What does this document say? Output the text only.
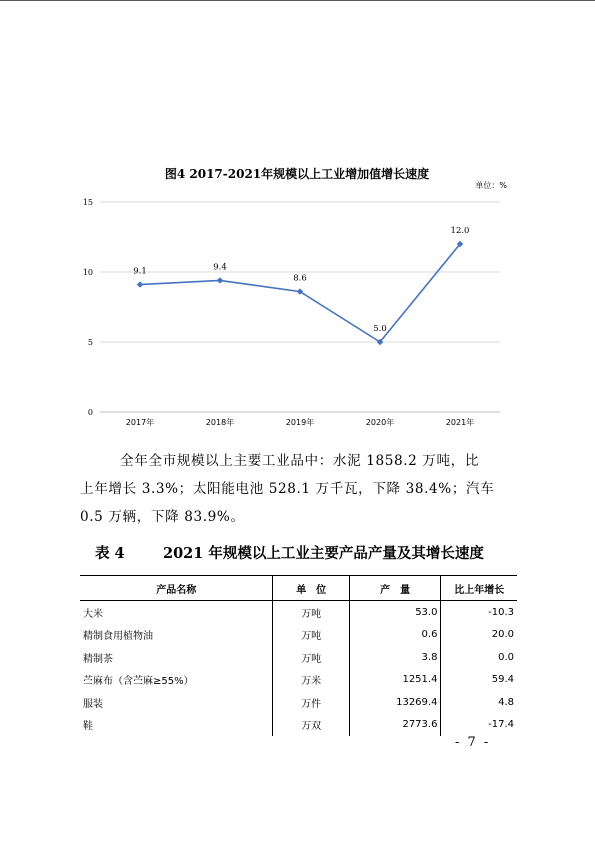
图4 2017-2021年规模以上工业增加值增长速度
单位：%
0
5
10
15
2017年	2018年	2019年	2020年	2021年
9.1	9.4
8.6
5.0
12.0
全年全市规模以上主要工业品中：水泥 1858.2 万吨，比
上年增长 3.3%；太阳能电池 528.1 万千瓦，下降 38.4%；汽车
0.5 万辆，下降 83.9%。
表 4	2021 年规模以上工业主要产品产量及其增长速度
产品名称	单　位	产　量	比上年增长
大米	万吨	53.0	-10.3
精制食用植物油	万吨	0.6	20.0
精制茶	万吨	3.8	0.0
苎麻布（含苎麻≥55%）	万米	1251.4	59.4
服装	万件	13269.4	4.8
鞋	万双	2773.6	-17.4
- 7 -
